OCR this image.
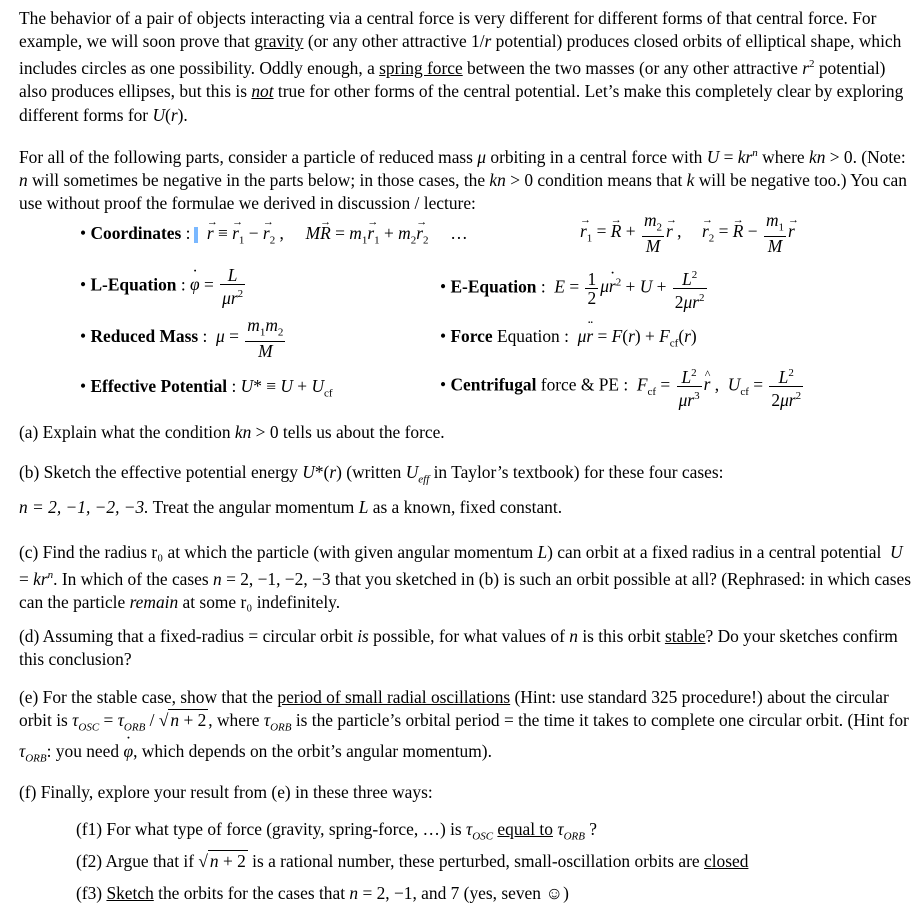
The behavior of a pair of objects interacting via a central force is very different for different forms of that central force. For example, we will soon prove that gravity (or any other attractive 1/r potential) produces closed orbits of elliptical shape, which includes circles as one possibility. Oddly enough, a spring force between the two masses (or any other attractive $r^2$ potential) also produces ellipses, but this is not true for other forms of the central potential. Let’s make this completely clear by exploring different forms for U(r).

For all of the following parts, consider a particle of reduced mass μ orbiting in a central force with $U = kr^n$ where kn > 0. (Note: n will sometimes be negative in the parts below; in those cases, the kn > 0 condition means that k will be negative too.) You can use without proof the formulae we derived in discussion / lecture:

• Coordinates : → r ≡ → $r_1$ − → $r_2$ ,     $M\to R = m_1\to r_1 + m_2\to r_2$     …
→	$r_1$ = → $R + \frac{m_2}{M}$
→ r ,
→ $r_2$ = → $R - \frac{m_1}{M}$
→ r
• L-Equation : · $\varphi = \frac{L}{\mu r^2}$	• E-Equation :  $E = \frac{1}{2} \mu\cdot r^2 + U + \frac{L^2}{2\mu r^2}$
• Reduced Mass :  $\mu = \frac{m_1m_2}{M}$	• Force Equation :  $\mu\cdot\cdot r = F(r) + F_{cf}(r)$
• Effective Potential : $U* \equiv U + U_{cf}$	• Centrifugal force & PE :  $F_{cf} = \frac{L^2}{\mu r^3}$
^ r ,  $U_{cf} = \frac{L^2}{2\mu r^2}$

(a) Explain what the condition kn > 0 tells us about the force.

(b) Sketch the effective potential energy U*(r) (written $U_{eff}$ in Taylor’s textbook) for these four cases:

n = 2, −1, −2, −3. Treat the angular momentum L as a known, fixed constant.

(c) Find the radius r₀ at which the particle (with given angular momentum L) can orbit at a fixed radius in a central potential $U = kr^n$. In which of the cases n = 2, −1, −2, −3 that you sketched in (b) is such an orbit possible at all? (Rephrased: in which cases can the particle remain at some r₀ indefinitely.

(d) Assuming that a fixed-radius = circular orbit is possible, for what values of n is this orbit stable? Do your sketches confirm this conclusion?

(e) For the stable case, show that the period of small radial oscillations (Hint: use standard 325 procedure!) about the circular orbit is $\tau_{OSC} = \tau_{ORB}$ / √ n + 2 , where $\tau_{ORB}$ is the particle’s orbital period = the time it takes to complete one circular orbit. (Hint for $\tau_{ORB}$: you need · φ, which depends on the orbit’s angular momentum).

(f) Finally, explore your result from (e) in these three ways:

(f1) For what type of force (gravity, spring-force, …) is $\tau_{OSC}$ equal to $\tau_{ORB}$ ?

(f2) Argue that if √ n + 2 is a rational number, these perturbed, small-oscillation orbits are closed

(f3) Sketch the orbits for the cases that n = 2, −1, and 7 (yes, seven ☺)
